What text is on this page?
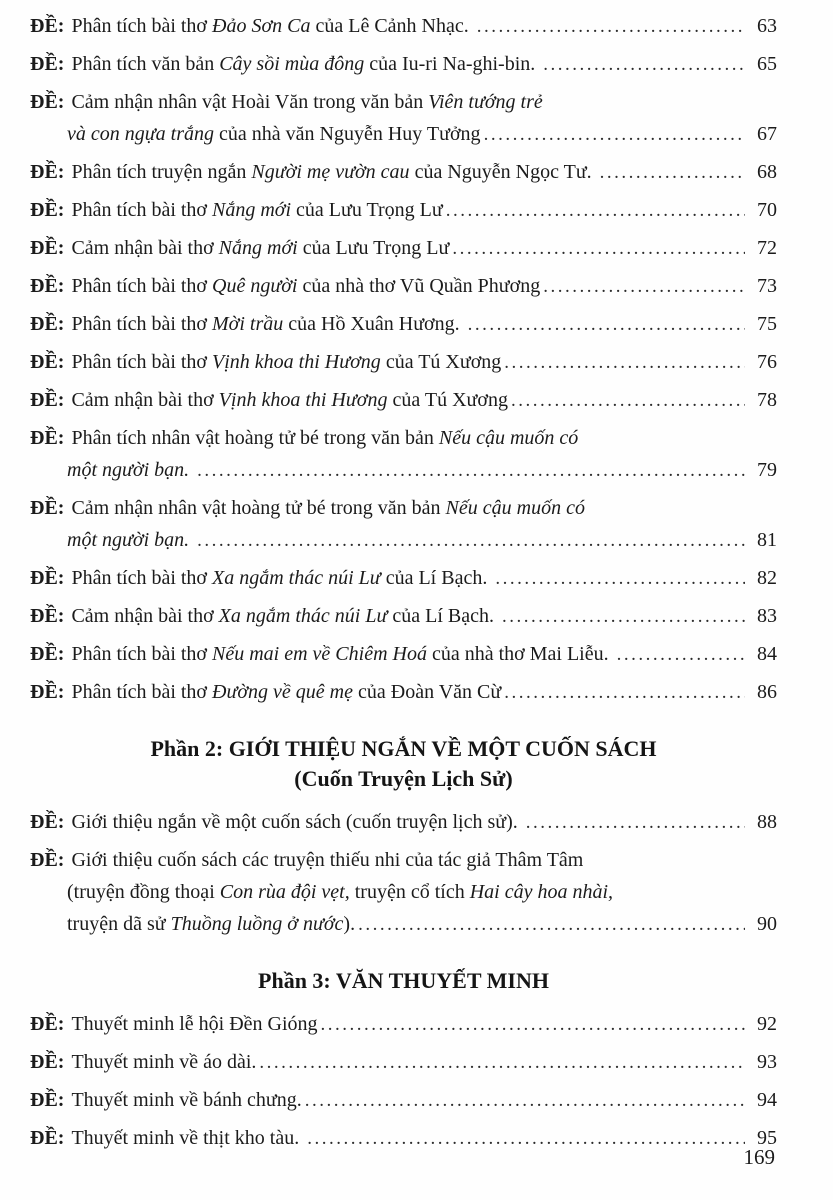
ĐỀ: Phân tích bài thơ Đảo Sơn Ca của Lê Cảnh Nhạc. .....	63
ĐỀ: Phân tích văn bản Cây sồi mùa đông của Iu-ri Na-ghi-bin. .....	65
ĐỀ: Cảm nhận nhân vật Hoài Văn trong văn bản Viên tướng trẻ
và con ngựa trắng của nhà văn Nguyễn Huy Tưởng .....	67
ĐỀ: Phân tích truyện ngắn Người mẹ vườn cau của Nguyễn Ngọc Tư. .....	68
ĐỀ: Phân tích bài thơ Nắng mới của Lưu Trọng Lư .....	70
ĐỀ: Cảm nhận bài thơ Nắng mới của Lưu Trọng Lư .....	72
ĐỀ: Phân tích bài thơ Quê người của nhà thơ Vũ Quần Phương .....	73
ĐỀ: Phân tích bài thơ Mời trầu của Hồ Xuân Hương. .....	75
ĐỀ: Phân tích bài thơ Vịnh khoa thi Hương của Tú Xương .....	76
ĐỀ: Cảm nhận bài thơ Vịnh khoa thi Hương của Tú Xương .....	78
ĐỀ: Phân tích nhân vật hoàng tử bé trong văn bản Nếu cậu muốn có
một người bạn. .....	79
ĐỀ: Cảm nhận nhân vật hoàng tử bé trong văn bản Nếu cậu muốn có
một người bạn. .....	81
ĐỀ: Phân tích bài thơ Xa ngắm thác núi Lư của Lí Bạch. .....	82
ĐỀ: Cảm nhận bài thơ Xa ngắm thác núi Lư của Lí Bạch. .....	83
ĐỀ: Phân tích bài thơ Nếu mai em về Chiêm Hoá của nhà thơ Mai Liễu. .....	84
ĐỀ: Phân tích bài thơ Đường về quê mẹ của Đoàn Văn Cừ .....	86
Phần 2: GIỚI THIỆU NGẮN VỀ MỘT CUỐN SÁCH
(Cuốn Truyện Lịch Sử)
ĐỀ: Giới thiệu ngắn về một cuốn sách (cuốn truyện lịch sử). .....	88
ĐỀ: Giới thiệu cuốn sách các truyện thiếu nhi của tác giả Thâm Tâm
(truyện đồng thoại Con rùa đội vẹt, truyện cổ tích Hai cây hoa nhài,
truyện dã sử Thuồng luồng ở nước ). .....	90
Phần 3: VĂN THUYẾT MINH
ĐỀ: Thuyết minh lễ hội Đền Gióng .....	92
ĐỀ: Thuyết minh về áo dài. .....	93
ĐỀ: Thuyết minh về bánh chưng. .....	94
ĐỀ: Thuyết minh về thịt kho tàu. .....	95
169
